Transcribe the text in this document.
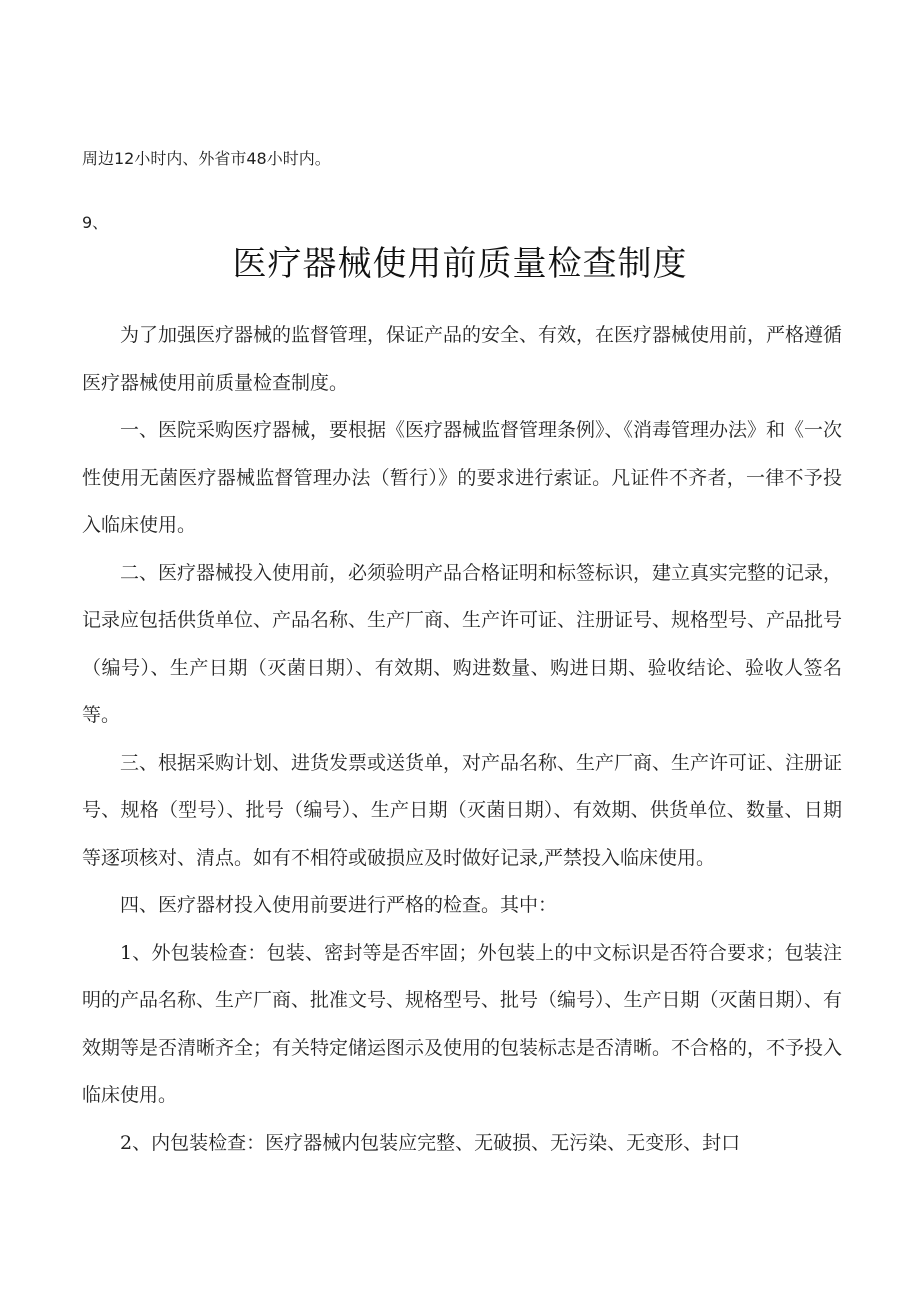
周边12小时内、外省市48小时内。
9、
医疗器械使用前质量检查制度

为了加强医疗器械的监督管理，保证产品的安全、有效，在医疗器械使用前，严格遵循医疗器械使用前质量检查制度。

一、医院采购医疗器械，要根据《医疗器械监督管理条例》、《消毒管理办法》和《一次性使用无菌医疗器械监督管理办法（暂行）》的要求进行索证。凡证件不齐者，一律不予投入临床使用。

二、医疗器械投入使用前，必须验明产品合格证明和标签标识，建立真实完整的记录，记录应包括供货单位、产品名称、生产厂商、生产许可证、注册证号、规格型号、产品批号（编号）、生产日期（灭菌日期）、有效期、购进数量、购进日期、验收结论、验收人签名等。

三、根据采购计划、进货发票或送货单，对产品名称、生产厂商、生产许可证、注册证号、规格（型号）、批号（编号）、生产日期（灭菌日期）、有效期、供货单位、数量、日期等逐项核对、清点。如有不相符或破损应及时做好记录,严禁投入临床使用。

四、医疗器材投入使用前要进行严格的检查。其中：

1、外包装检查：包装、密封等是否牢固；外包装上的中文标识是否符合要求；包装注明的产品名称、生产厂商、批准文号、规格型号、批号（编号）、生产日期（灭菌日期）、有效期等是否清晰齐全；有关特定储运图示及使用的包装标志是否清晰。不合格的，不予投入临床使用。

2、内包装检查：医疗器械内包装应完整、无破损、无污染、无变形、封口
